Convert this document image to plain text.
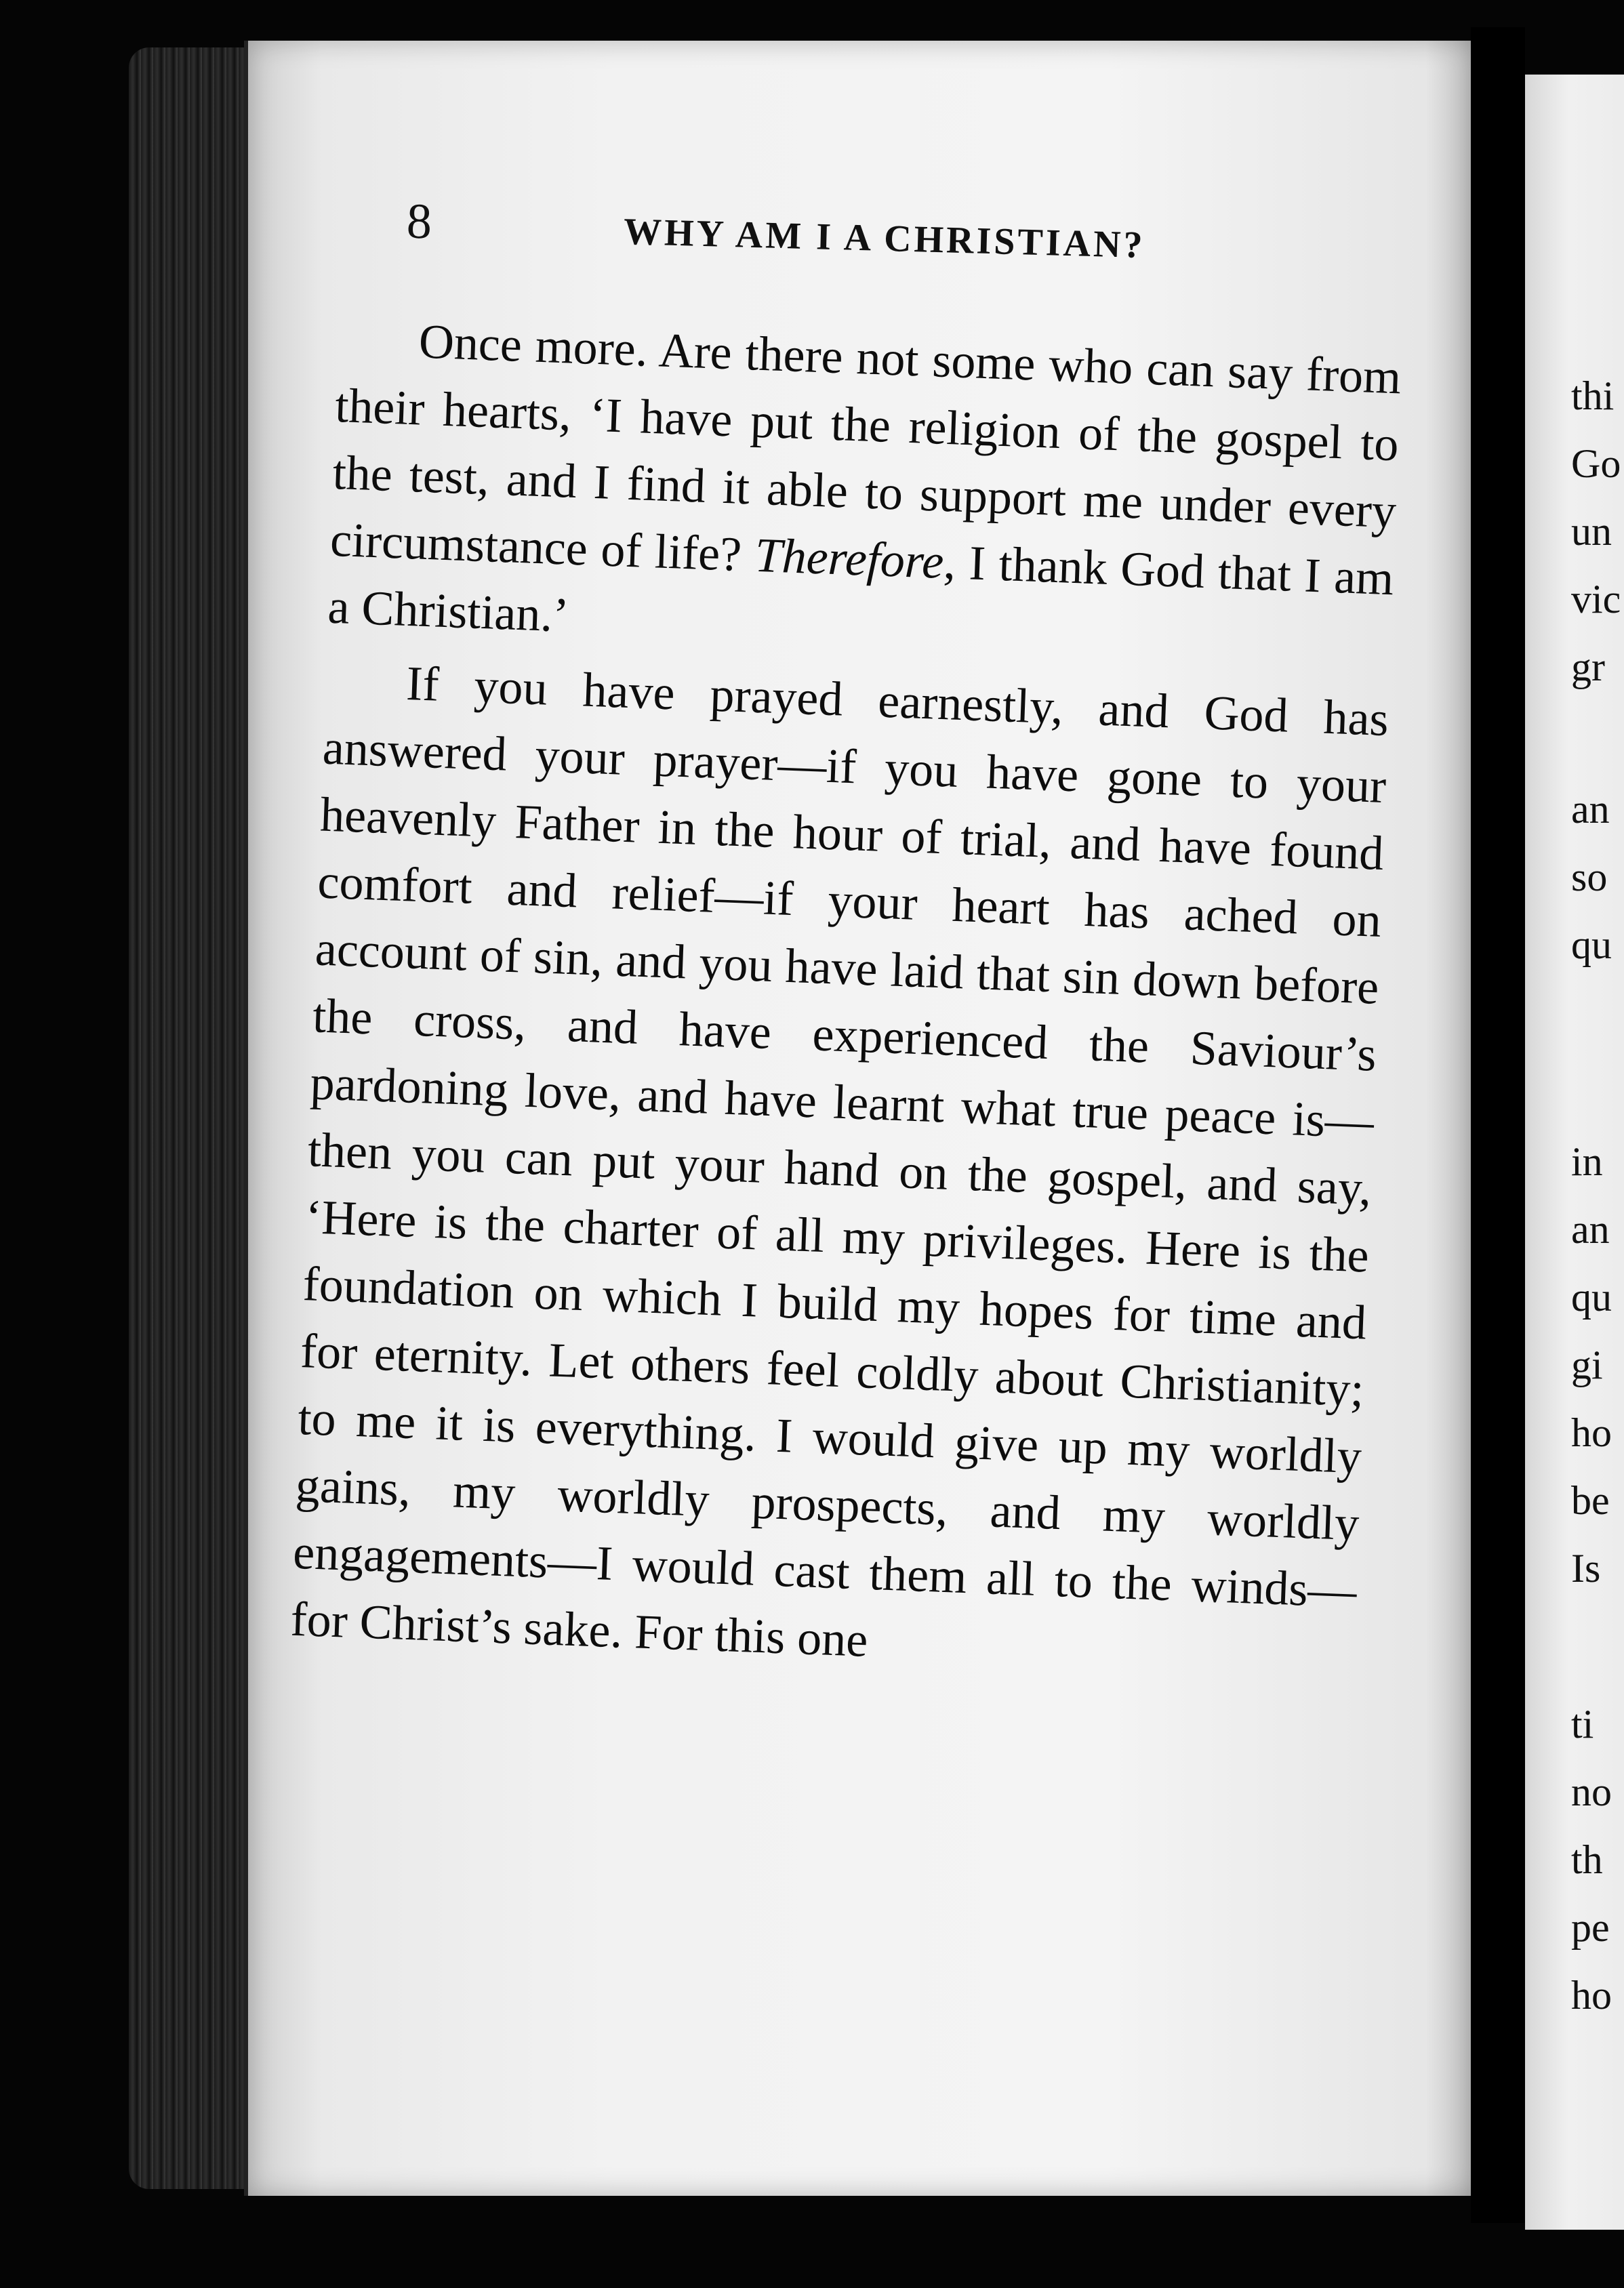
8	WHY AM I A CHRISTIAN?

Once more. Are there not some who can say from their hearts, ‘I have put the religion of the gospel to the test, and I find it able to support me under every circumstance of life? Therefore, I thank God that I am a Christian.’

If you have prayed earnestly, and God has answered your prayer—if you have gone to your heavenly Father in the hour of trial, and have found comfort and relief—if your heart has ached on account of sin, and you have laid that sin down before the cross, and have experienced the Saviour’s pardoning love, and have learnt what true peace is—then you can put your hand on the gospel, and say, ‘Here is the charter of all my privileges. Here is the foundation on which I build my hopes for time and for eternity. Let others feel coldly about Christianity; to me it is everything. I would give up my worldly gains, my worldly prospects, and my worldly engagements—I would cast them all to the winds—for Christ’s sake. For this one

thi
Go
un
vic
gr
an
so
qu
in
an
qu
gi
ho
be
Is
ti
no
th
pe
ho
